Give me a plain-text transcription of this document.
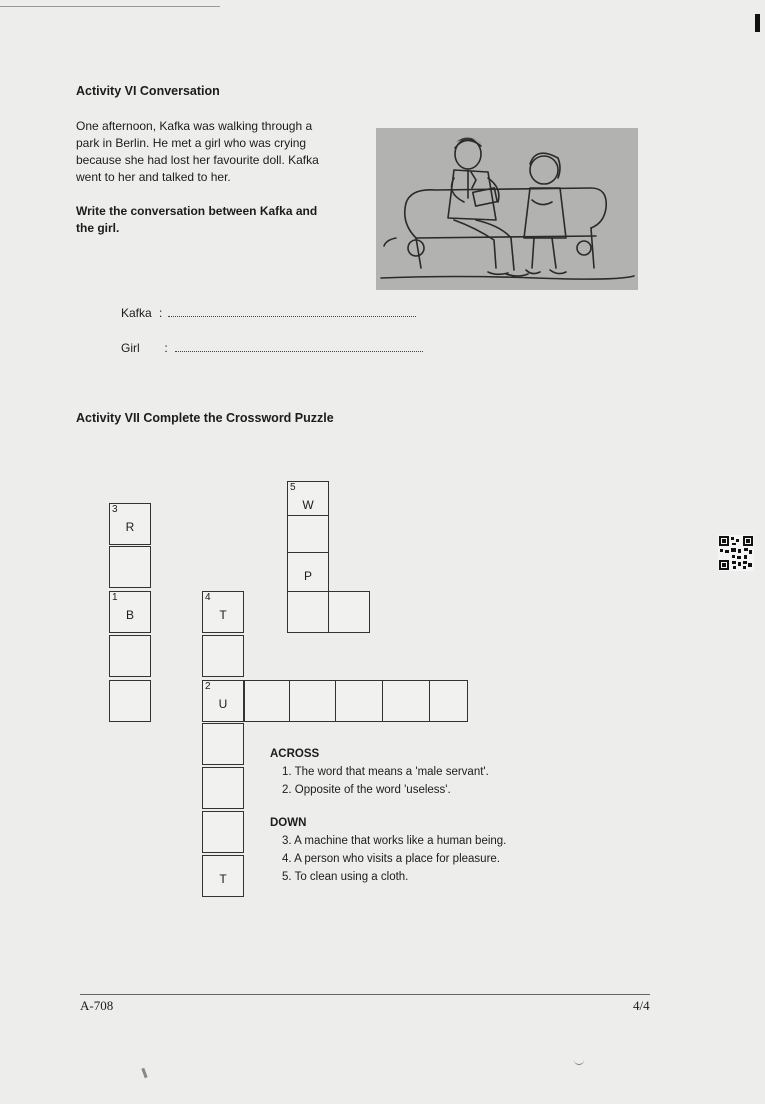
Activity VI Conversation
One afternoon, Kafka was walking through a
park in Berlin. He met a girl who was crying
because she had lost her favourite doll. Kafka
went to her and talked to her.
Write the conversation between Kafka and
the girl.
Kafka :
Girl :
Activity VII Complete the Crossword Puzzle
3
R
1
B
4
T
2
U
T
5
W
P
ACROSS
1. The word that means a 'male servant'.
2. Opposite of the word 'useless'.
DOWN
3. A machine that works like a human being.
4. A person who visits a place for pleasure.
5. To clean using a cloth.
A-708	4/4
